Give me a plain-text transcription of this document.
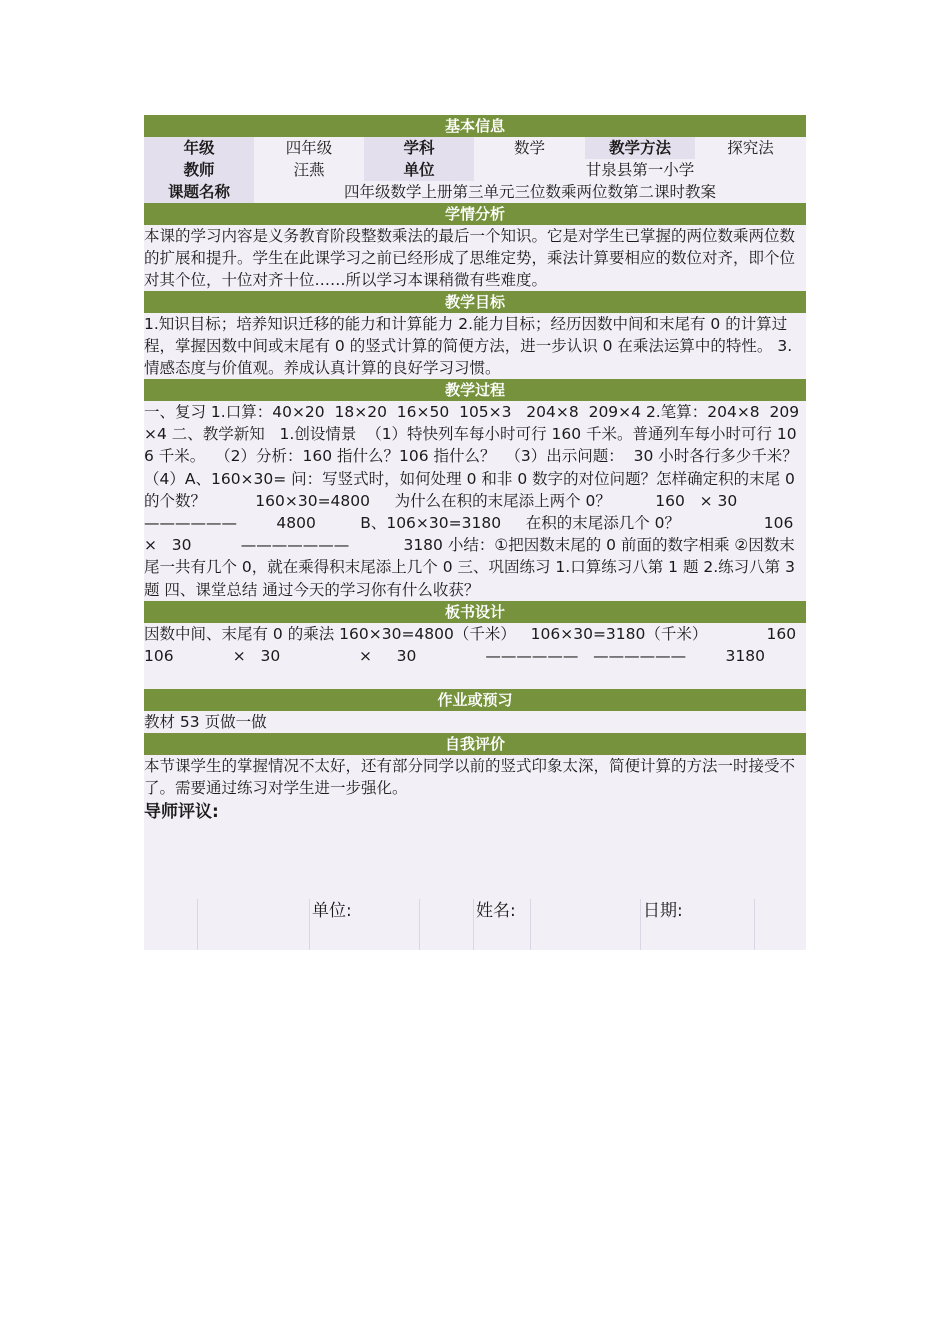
基本信息
年级	四年级	学科	数学	教学方法	探究法
教师	汪燕	单位	甘泉县第一小学
课题名称	四年级数学上册第三单元三位数乘两位数第二课时教案
学情分析
本课的学习内容是义务教育阶段整数乘法的最后一个知识。它是对学生已掌握的两位数乘两位数的扩展和提升。学生在此课学习之前已经形成了思维定势，乘法计算要相应的数位对齐，即个位对其个位，十位对齐十位……所以学习本课稍微有些难度。
教学目标
1.知识目标；培养知识迁移的能力和计算能力 2.能力目标；经历因数中间和末尾有 0 的计算过程，掌握因数中间或末尾有 0 的竖式计算的简便方法，进一步认识 0 在乘法运算中的特性。 3.情感态度与价值观。养成认真计算的良好学习习惯。
教学过程
一、复习 1.口算：40×20  18×20  16×50  105×3   204×8  209×4 2.笔算：204×8  209×4 二、教学新知   1.创设情景  （1）特快列车每小时可行 160 千米。普通列车每小时可行 106 千米。  （2）分析：160 指什么？106 指什么？  （3）出示问题：  30 小时各行多少千米？   （4）A、160×30= 问：写竖式时，如何处理 0 和非 0 数字的对位问题？怎样确定积的末尾 0 的个数？          160×30=4800     为什么在积的末尾添上两个 0？         160   × 30        ——————        4800         B、106×30=3180     在积的末尾添几个 0？                 106      ×   30          ———————           3180 小结：①把因数末尾的 0 前面的数字相乘 ②因数末尾一共有几个 0，就在乘得积末尾添上几个 0 三、巩固练习 1.口算练习八第 1 题 2.练习八第 3 题 四、课堂总结 通过今天的学习你有什么收获？
板书设计
因数中间、末尾有 0 的乘法 160×30=4800（千米）   106×30=3180（千米）            160                  106            ×   30                ×     30              ——————   ——————        3180
作业或预习
教材 53 页做一做
自我评价
本节课学生的掌握情况不太好，还有部分同学以前的竖式印象太深，简便计算的方法一时接受不了。需要通过练习对学生进一步强化。
导师评议:
单位:	姓名:	日期:
